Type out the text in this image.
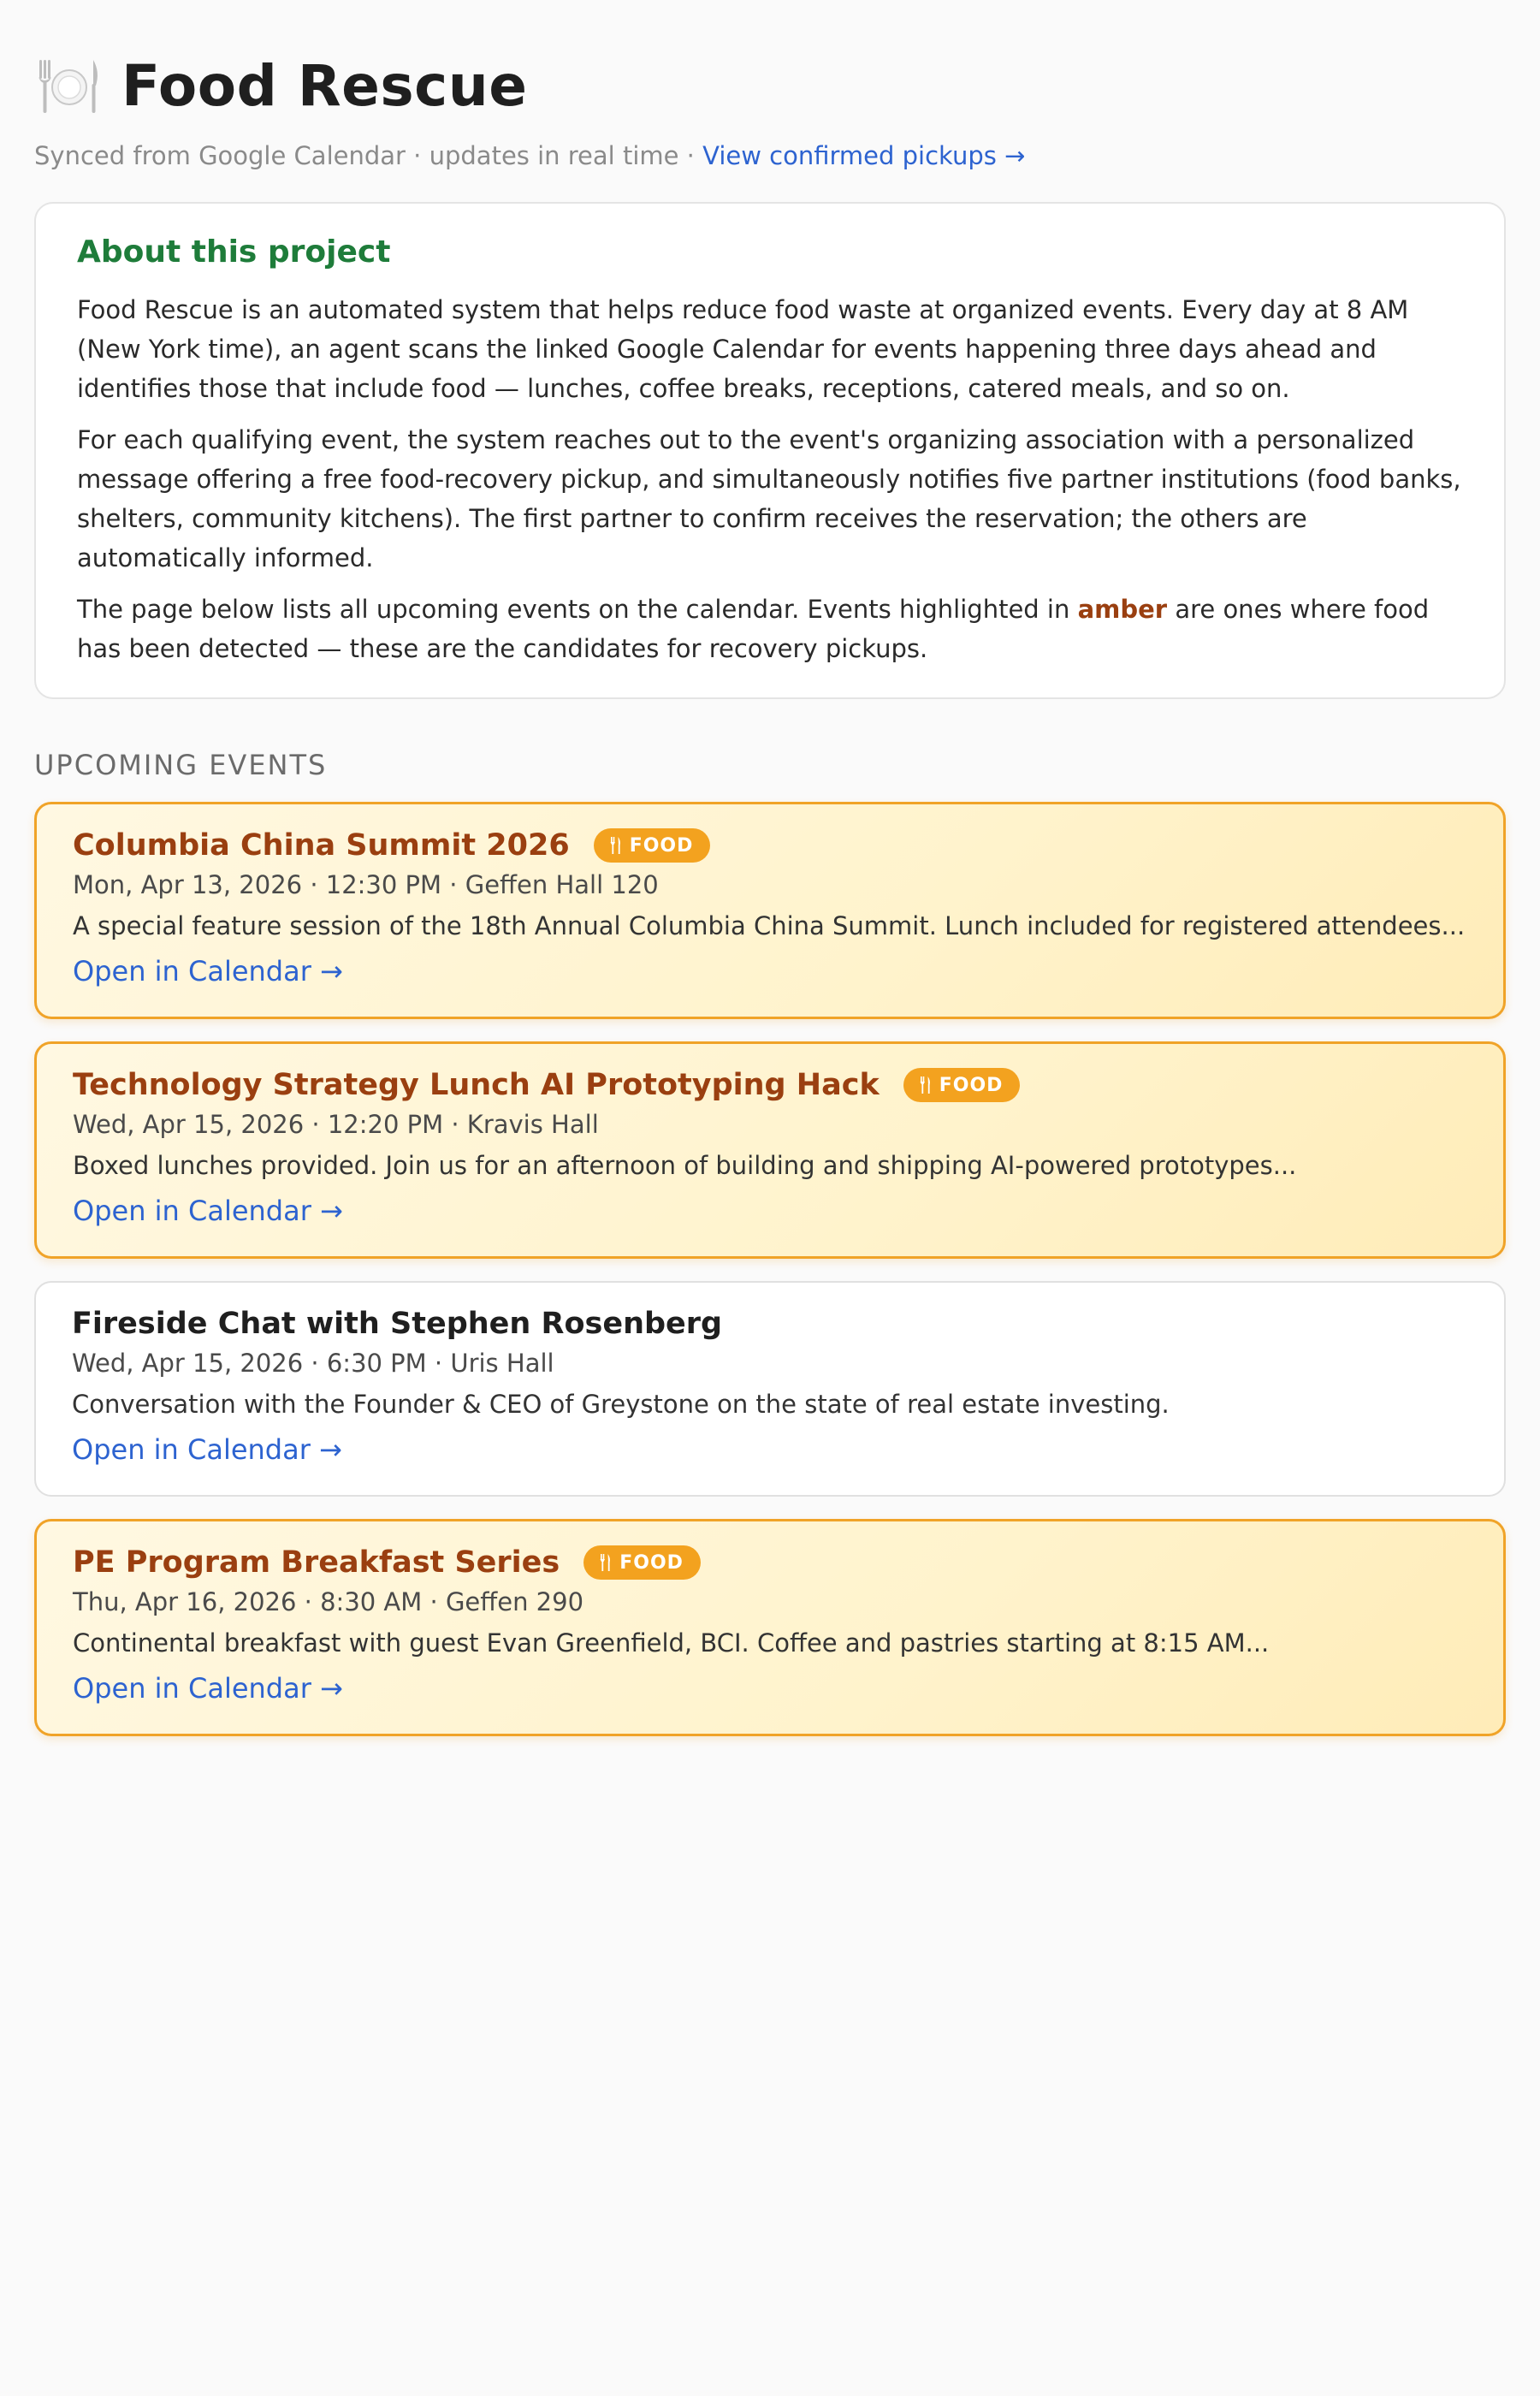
Food Rescue
Synced from Google Calendar · updates in real time · View confirmed pickups →
About this project

Food Rescue is an automated system that helps reduce food waste at organized events. Every day at 8 AM (New York time), an agent scans the linked Google Calendar for events happening three days ahead and identifies those that include food — lunches, coffee breaks, receptions, catered meals, and so on.

For each qualifying event, the system reaches out to the event's organizing association with a personalized message offering a free food-recovery pickup, and simultaneously notifies five partner institutions (food banks, shelters, community kitchens). The first partner to confirm receives the reservation; the others are automatically informed.

The page below lists all upcoming events on the calendar. Events highlighted in amber are ones where food has been detected — these are the candidates for recovery pickups.

UPCOMING EVENTS
Columbia China Summit 2026	FOOD
Mon, Apr 13, 2026 · 12:30 PM · Geffen Hall 120
A special feature session of the 18th Annual Columbia China Summit. Lunch included for registered attendees...
Open in Calendar →
Technology Strategy Lunch AI Prototyping Hack	FOOD
Wed, Apr 15, 2026 · 12:20 PM · Kravis Hall
Boxed lunches provided. Join us for an afternoon of building and shipping AI-powered prototypes...
Open in Calendar →
Fireside Chat with Stephen Rosenberg
Wed, Apr 15, 2026 · 6:30 PM · Uris Hall
Conversation with the Founder & CEO of Greystone on the state of real estate investing.
Open in Calendar →
PE Program Breakfast Series	FOOD
Thu, Apr 16, 2026 · 8:30 AM · Geffen 290
Continental breakfast with guest Evan Greenfield, BCI. Coffee and pastries starting at 8:15 AM...
Open in Calendar →
